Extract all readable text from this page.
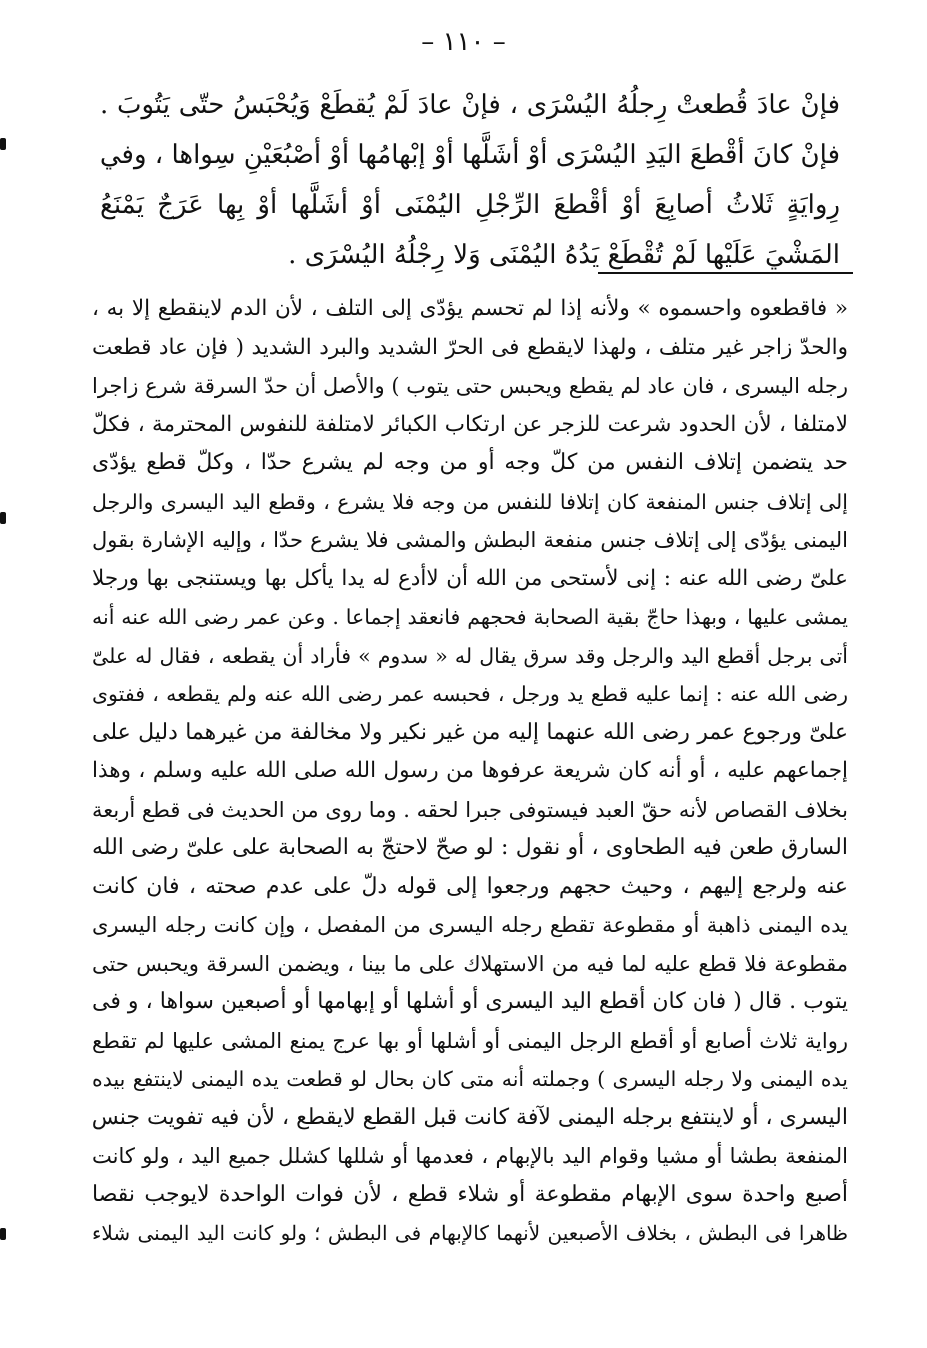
– ١١٠ –
فإنْ عادَ قُطعتْ رِجلُهُ اليُسْرَى ، فإنْ عادَ لَمْ يُقطَعْ وَيُحْبَسُ حتّى يَتُوبَ .
فإنْ كانَ أقْطعَ اليَدِ اليُسْرَى أوْ أشَلَّها أوْ إبْهامُها أوْ أصْبُعَيْنِ سِواها ، وفي
رِوايَةٍ ثَلاثُ أصابِعَ أوْ أقْطعَ الرِّجْلِ اليُمْنَى أوْ أشَلَّها أوْ بِها عَرَجٌ يَمْنَعُ
المَشْيَ عَلَيْها لَمْ تُقْطَعْ يَدُهُ اليُمْنَى وَلا رِجْلُهُ اليُسْرَى .
« فاقطعوه واحسموه » ولأنه إذا لم تحسم يؤدّى إلى التلف ، لأن الدم لاينقطع إلا به ،
والحدّ زاجر غير متلف ، ولهذا لايقطع فى الحرّ الشديد والبرد الشديد ( فإن عاد قطعت
رجله اليسرى ، فان عاد لم يقطع ويحبس حتى يتوب ) والأصل أن حدّ السرقة شرع زاجرا
لامتلفا ، لأن الحدود شرعت للزجر عن ارتكاب الكبائر لامتلفة للنفوس المحترمة ، فكلّ
حد يتضمن إتلاف النفس من كلّ وجه أو من وجه لم يشرع حدّا ، وكلّ قطع يؤدّى
إلى إتلاف جنس المنفعة كان إتلافا للنفس من وجه فلا يشرع ، وقطع اليد اليسرى والرجل
اليمنى يؤدّى إلى إتلاف جنس منفعة البطش والمشى فلا يشرع حدّا ، وإليه الإشارة بقول
علىّ رضى الله عنه : إنى لأستحى من الله أن لاأدع له يدا يأكل بها ويستنجى بها ورجلا
يمشى عليها ، وبهذا حاجّ بقية الصحابة فحجهم فانعقد إجماعا . وعن عمر رضى الله عنه أنه
أتى برجل أقطع اليد والرجل وقد سرق يقال له « سدوم » فأراد أن يقطعه ، فقال له علىّ
رضى الله عنه : إنما عليه قطع يد ورجل ، فحبسه عمر رضى الله عنه ولم يقطعه ، ففتوى
علىّ ورجوع عمر رضى الله عنهما إليه من غير نكير ولا مخالفة من غيرهما دليل على
إجماعهم عليه ، أو أنه كان شريعة عرفوها من رسول الله صلى الله عليه وسلم ، وهذا
بخلاف القصاص لأنه حقّ العبد فيستوفى جبرا لحقه . وما روى من الحديث فى قطع أربعة
السارق طعن فيه الطحاوى ، أو نقول : لو صحّ لاحتجّ به الصحابة على علىّ رضى الله
عنه ولرجع إليهم ، وحيث حجهم ورجعوا إلى قوله دلّ على عدم صحته ، فان كانت
يده اليمنى ذاهبة أو مقطوعة تقطع رجله اليسرى من المفصل ، وإن كانت رجله اليسرى
مقطوعة فلا قطع عليه لما فيه من الاستهلاك على ما بينا ، ويضمن السرقة ويحبس حتى
يتوب . قال ( فان كان أقطع اليد اليسرى أو أشلها أو إبهامها أو أصبعين سواها ، و فى
رواية ثلاث أصابع أو أقطع الرجل اليمنى أو أشلها أو بها عرج يمنع المشى عليها لم تقطع
يده اليمنى ولا رجله اليسرى ) وجملته أنه متى كان بحال لو قطعت يده اليمنى لاينتفع بيده
اليسرى ، أو لاينتفع برجله اليمنى لآفة كانت قبل القطع لايقطع ، لأن فيه تفويت جنس
المنفعة بطشا أو مشيا وقوام اليد بالإبهام ، فعدمها أو شللها كشلل جميع اليد ، ولو كانت
أصبع واحدة سوى الإبهام مقطوعة أو شلاء قطع ، لأن فوات الواحدة لايوجب نقصا
ظاهرا فى البطش ، بخلاف الأصبعين لأنهما كالإبهام فى البطش ؛ ولو كانت اليد اليمنى شلاء
